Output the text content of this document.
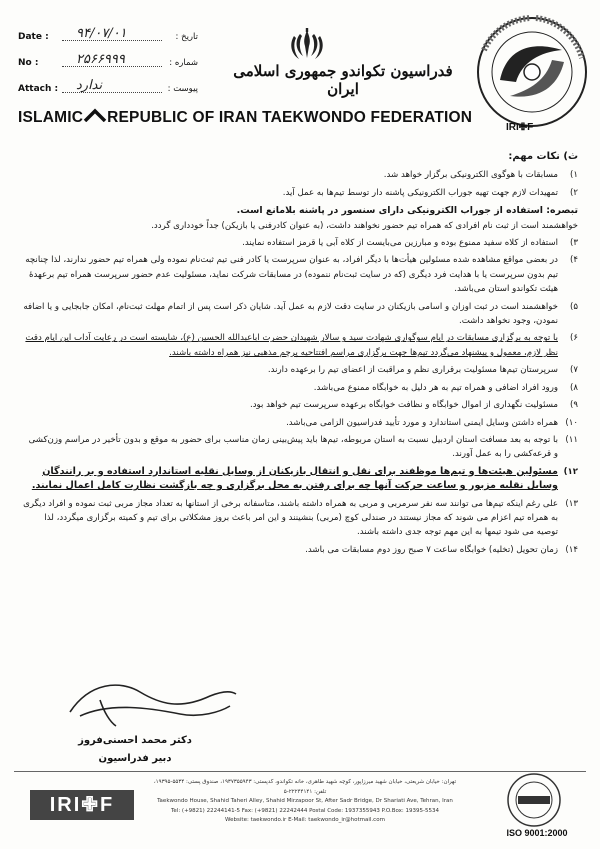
Date : ۹۴/۰۷/۰۱	: تاریخ
No :	۲۵۶۶۹۹۹	: شماره
Attach : ندارد	: پیوست
فدراسیون تکواندو جمهوری اسلامی ایران
ISLAMIC REPUBLIC OF IRAN TAEKWONDO FEDERATION
IRI✙F

ث) نکات مهم:

۱)
مسابقات با هوگوی الکترونیکی برگزار خواهد شد.

۲)
تمهیدات لازم جهت تهیه جوراب الکترونیکی پاشنه دار توسط تیم‌ها به عمل آید.

تبصره: استفاده از جوراب الکترونیکی دارای سنسور در پاشنه بلامانع است.

خواهشمند است از ثبت نام افرادی که همراه تیم حضور نخواهند داشت، (به عنوان کادرفنی یا بازیکن) جداً خودداری گردد.

۳)
استفاده از کلاه سفید ممنوع بوده و مبارزین می‌بایست از کلاه آبی یا قرمز استفاده نمایند.

۴)
در بعضی مواقع مشاهده شده مسئولین هیأت‌ها با دیگر افراد، به عنوان سرپرست یا کادر فنی تیم ثبت‌نام نموده ولی همراه تیم حضور ندارند، لذا چنانچه تیم بدون سرپرست یا با هدایت فرد دیگری (که در سایت ثبت‌نام ننموده) در مسابقات شرکت نماید، مسئولیت عدم حضور سرپرست همراه تیم برعهدهٔ هیئت تکواندو استان می‌باشد.

۵)
خواهشمند است در ثبت اوزان و اسامی بازیکنان در سایت دقت لازم به عمل آید. شایان ذکر است پس از اتمام مهلت ثبت‌نام، امکان جابجایی و یا اضافه نمودن، وجود نخواهد داشت.

۶)
با توجه به برگزاری مسابقات در ایام سوگواری شهادت سید و سالار شهیدان حضرت اباعبدالله الحسین (ع)، شایسته است در رعایت آداب این ایام دقت نظر لازم، معمول و پیشنهاد می‌گردد تیم‌ها جهت برگزاری مراسم افتتاحیه پرچم مذهبی نیز همراه داشته باشند.

۷)
سرپرستان تیم‌ها مسئولیت برقراری نظم و مراقبت از اعضای تیم را برعهده دارند.

۸)
ورود افراد اضافی و همراه تیم به هر دلیل به خوابگاه ممنوع می‌باشد.

۹)
مسئولیت نگهداری از اموال خوابگاه و نظافت خوابگاه برعهده سرپرست تیم خواهد بود.

۱۰)
همراه داشتن وسایل ایمنی استاندارد و مورد تأیید فدراسیون الزامی می‌باشد.

۱۱)
با توجه به بعد مسافت استان اردبیل نسبت به استان مربوطه، تیم‌ها باید پیش‌بینی زمان مناسب برای حضور به موقع و بدون تأخیر در مراسم وزن‌کشی و قرعه‌کشی را به عمل آورند.

۱۲)
مسئولین هیئت‌ها و تیم‌ها موظفند برای نقل و انتقال بازیکنان از وسایل نقلیه استاندارد استفاده و بر رانندگان وسایل نقلیه مزبور و ساعت حرکت آنها چه برای رفتن به محل برگزاری و چه بازگشت نظارت کامل اعمال نمایند.

۱۳)
علی رغم اینکه تیم‌ها می توانند سه نفر سرمربی و مربی به همراه داشته باشند، متاسفانه برخی از استانها به تعداد مجاز مربی ثبت نموده و افراد دیگری به همراه تیم اعزام می شوند که مجاز نیستند در صندلی کوچ (مربی) بنشینند و این امر باعث بروز مشکلاتی برای تیم و کمیته برگزاری میگردد، لذا توصیه می شود تیمها به این مهم توجه جدی داشته باشند.

۱۴)
زمان تحویل (تخلیه) خوابگاه ساعت ۷ صبح روز دوم مسابقات می باشد.

دکتر محمد احسنی‌فروز
دبیر فدراسیون
IRI✙F
تهران: خیابان شریعتی، خیابان شهید میرزاپور، کوچه شهید طاهری، خانه تکواندو، کدپستی: ۱۹۳۷۳۵۵۹۴۳، صندوق پستی: ۵۵۳۴-۱۹۳۹۵، تلفن: ۲۲۲۴۴۱۴۱-۵
Taekwondo House, Shahid Taheri Alley, Shahid Mirzapoor St, After Sadr Bridge, Dr Shariati Ave, Tehran, Iran
Tel: (+9821) 22244141-5 Fax: (+9821) 22242444 Postal Code: 1937355943 P.O.Box: 19395-5534
Website: taekwondo.ir E-Mail: taekwondo_ir@hotmail.com
ISO 9001:2000
